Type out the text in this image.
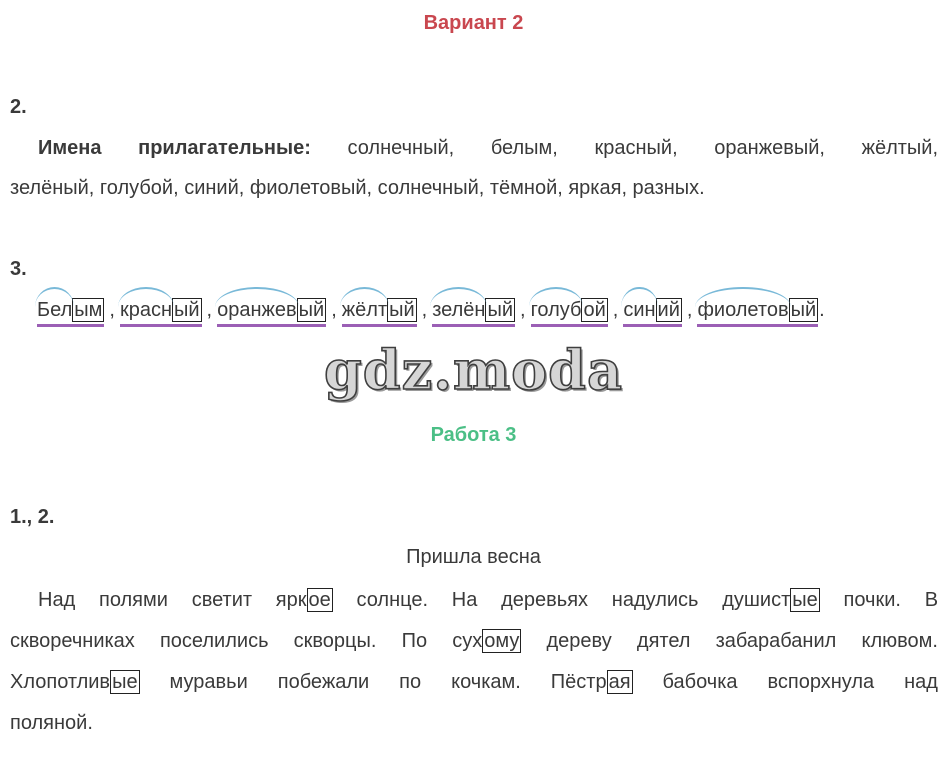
Вариант 2
2.
Имена прилагательные: солнечный, белым, красный, оранжевый, жёлтый,
зелёный, голубой, синий, фиолетовый, солнечный, тёмной, яркая, разных.
3.
Бел ым , красн ый , оранжев ый , жёлт ый , зелён ый , голуб ой , син ий , фиолетов ый .
gdz.moda
Работа 3
1., 2.
Пришла весна
Над полями светит ярк ое солнце. На деревьях надулись душист ые почки. В
скворечниках поселились скворцы. По сух ому дереву дятел забарабанил клювом.
Хлопотлив ые муравьи побежали по кочкам. Пёстр ая бабочка вспорхнула над
поляной.
